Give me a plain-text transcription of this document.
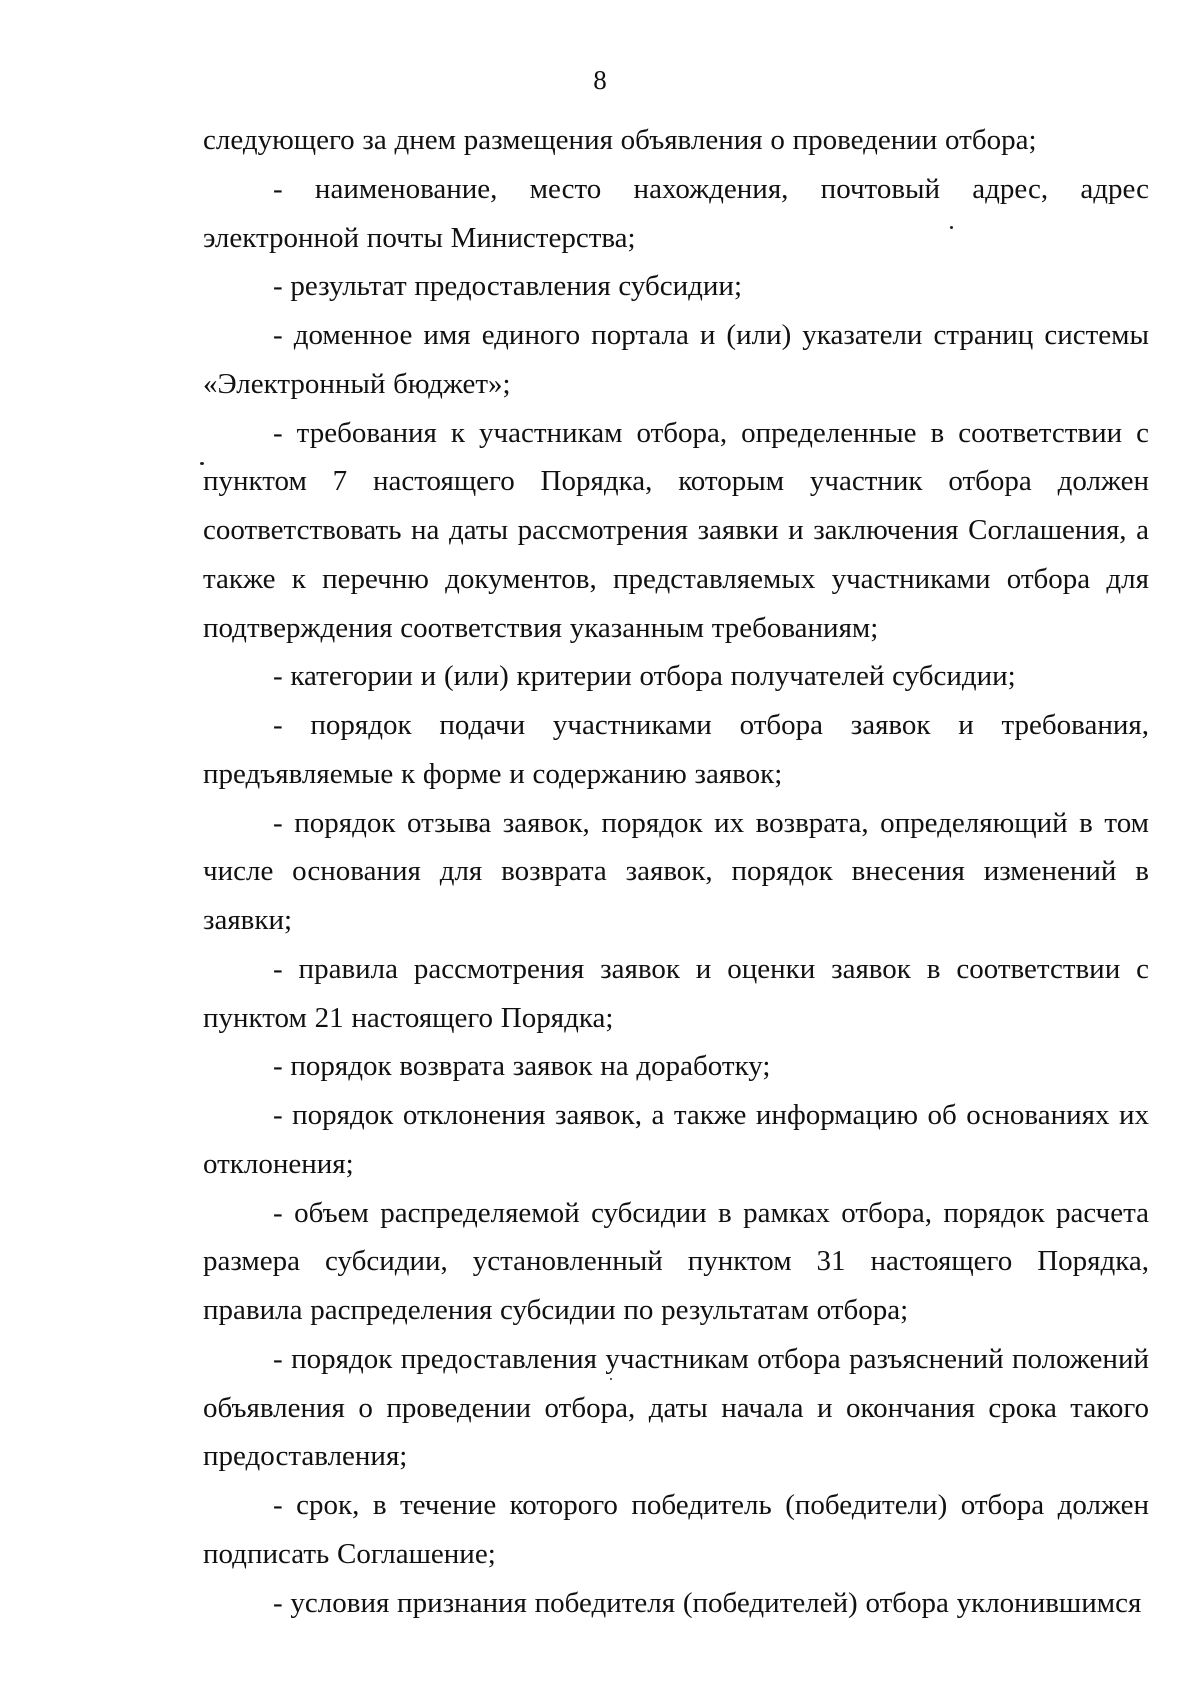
8

следующего за днем размещения объявления о проведении отбора;

- наименование, место нахождения, почтовый адрес, адрес электронной почты Министерства;

- результат предоставления субсидии;

- доменное имя единого портала и (или) указатели страниц системы «Электронный бюджет»;

- требования к участникам отбора, определенные в соответствии с пунктом 7 настоящего Порядка, которым участник отбора должен соответствовать на даты рассмотрения заявки и заключения Соглашения, а также к перечню документов, представляемых участниками отбора для подтверждения соответствия указанным требованиям;

- категории и (или) критерии отбора получателей субсидии;

- порядок подачи участниками отбора заявок и требования, предъявляемые к форме и содержанию заявок;

- порядок отзыва заявок, порядок их возврата, определяющий в том числе основания для возврата заявок, порядок внесения изменений в заявки;

- правила рассмотрения заявок и оценки заявок в соответствии с пунктом 21 настоящего Порядка;

- порядок возврата заявок на доработку;

- порядок отклонения заявок, а также информацию об основаниях их отклонения;

- объем распределяемой субсидии в рамках отбора, порядок расчета размера субсидии, установленный пунктом 31 настоящего Порядка, правила распределения субсидии по результатам отбора;

- порядок предоставления участникам отбора разъяснений положений объявления о проведении отбора, даты начала и окончания срока такого предоставления;

- срок, в течение которого победитель (победители) отбора должен подписать Соглашение;

- условия признания победителя (победителей) отбора уклонившимся
